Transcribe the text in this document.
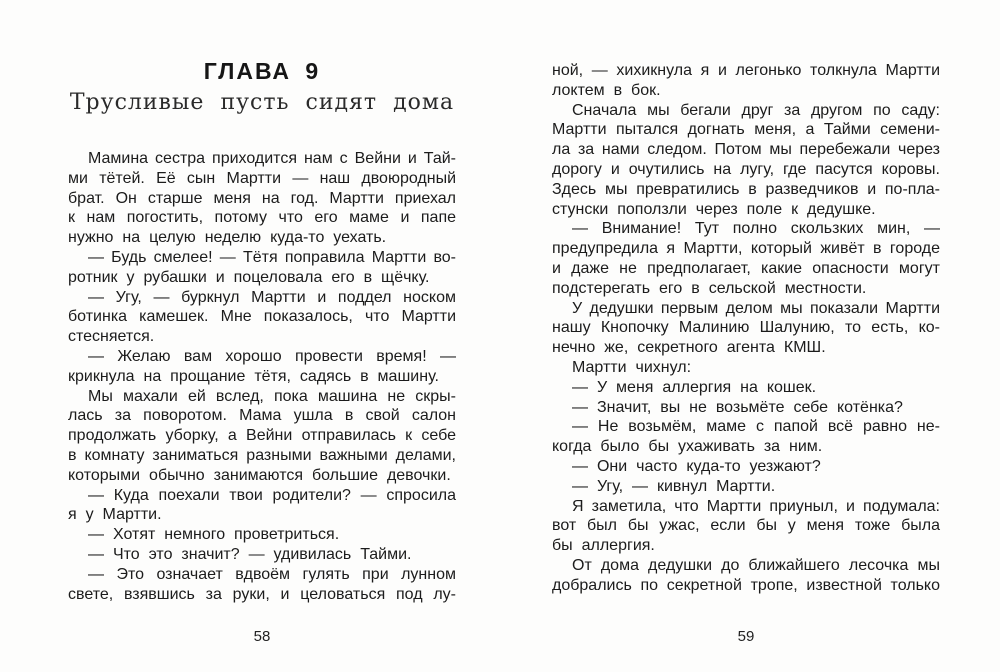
ГЛАВА 9
Трусливые пусть сидят дома
Мамина сестра приходится нам с Вейни и Тай-
ми тётей. Её сын Мартти — наш двоюродный
брат. Он старше меня на год. Мартти приехал
к нам погостить, потому что его маме и папе
нужно на целую неделю куда-то уехать.
— Будь смелее! — Тётя поправила Мартти во-
ротник у рубашки и поцеловала его в щёчку.
— Угу, — буркнул Мартти и поддел носком
ботинка камешек. Мне показалось, что Мартти
стесняется.
— Желаю вам хорошо провести время! —
крикнула на прощание тётя, садясь в машину.
Мы махали ей вслед, пока машина не скры-
лась за поворотом. Мама ушла в свой салон
продолжать уборку, а Вейни отправилась к себе
в комнату заниматься разными важными делами,
которыми обычно занимаются большие девочки.
— Куда поехали твои родители? — спросила
я у Мартти.
— Хотят немного проветриться.
— Что это значит? — удивилась Тайми.
— Это означает вдвоём гулять при лунном
свете, взявшись за руки, и целоваться под лу-
58
ной, — хихикнула я и легонько толкнула Мартти
локтем в бок.
Сначала мы бегали друг за другом по саду:
Мартти пытался догнать меня, а Тайми семени-
ла за нами следом. Потом мы перебежали через
дорогу и очутились на лугу, где пасутся коровы.
Здесь мы превратились в разведчиков и по-пла-
стунски поползли через поле к дедушке.
— Внимание! Тут полно скользких мин, —
предупредила я Мартти, который живёт в городе
и даже не предполагает, какие опасности могут
подстерегать его в сельской местности.
У дедушки первым делом мы показали Мартти
нашу Кнопочку Малинию Шалунию, то есть, ко-
нечно же, секретного агента КМШ.
Мартти чихнул:
— У меня аллергия на кошек.
— Значит, вы не возьмёте себе котёнка?
— Не возьмём, маме с папой всё равно не-
когда было бы ухаживать за ним.
— Они часто куда-то уезжают?
— Угу, — кивнул Мартти.
Я заметила, что Мартти приуныл, и подумала:
вот был бы ужас, если бы у меня тоже была
бы аллергия.
От дома дедушки до ближайшего лесочка мы
добрались по секретной тропе, известной только
59
